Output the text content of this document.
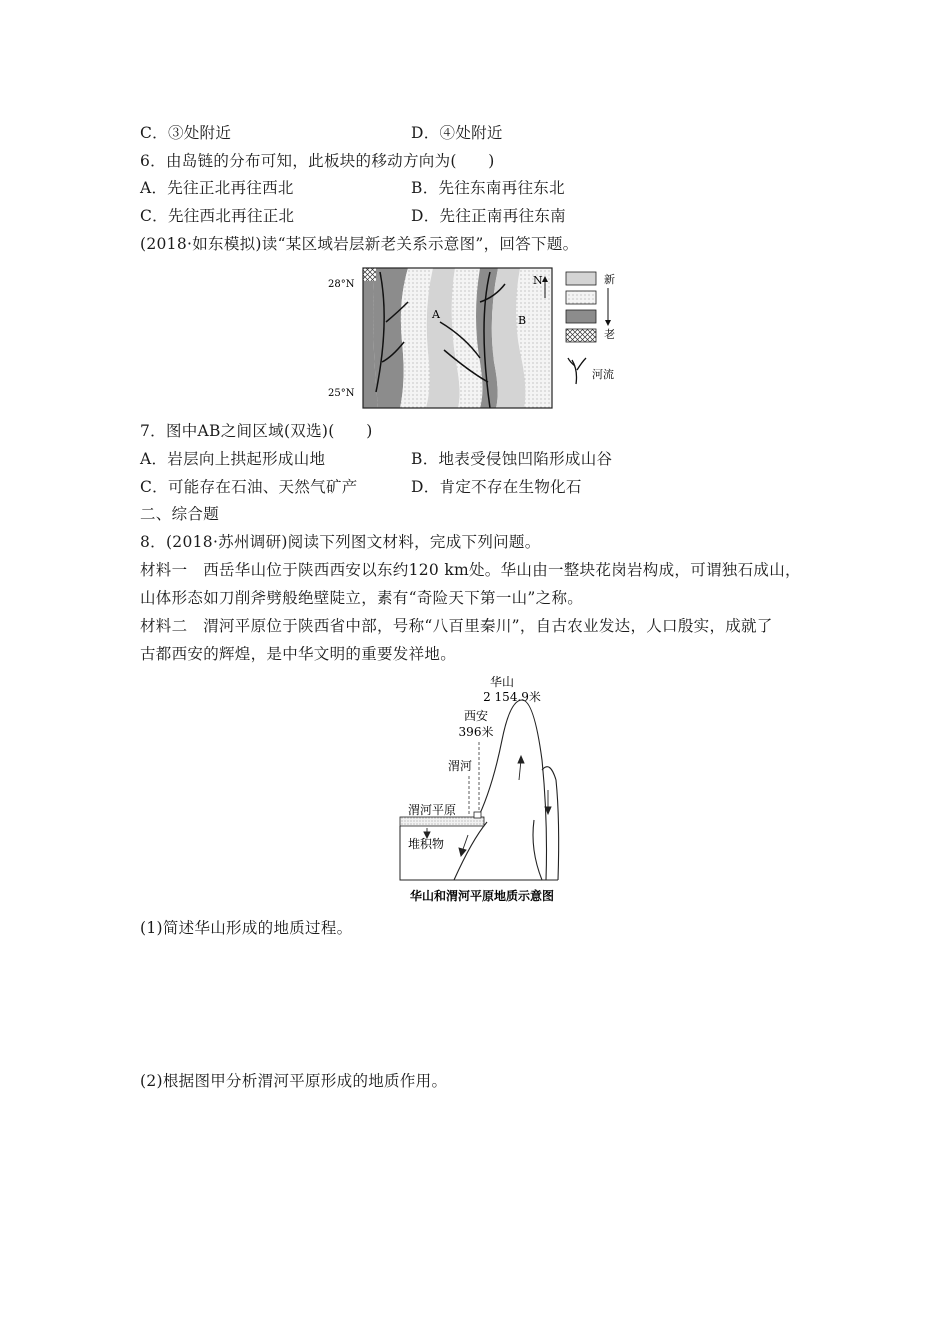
C．③处附近	D．④处附近
6．由岛链的分布可知，此板块的移动方向为(　　)
A．先往正北再往西北	B．先往东南再往东北
C．先往西北再往正北	D．先往正南再往东南
(2018·如东模拟)读“某区域岩层新老关系示意图”，回答下题。
28°N
25°N
A	B
N	新
老
河流
7．图中AB之间区域(双选)(　　)
A．岩层向上拱起形成山地	B．地表受侵蚀凹陷形成山谷
C．可能存在石油、天然气矿产	D．肯定不存在生物化石
二、综合题
8．(2018·苏州调研)阅读下列图文材料，完成下列问题。
材料一　西岳华山位于陕西西安以东约120 km处。华山由一整块花岗岩构成，可谓独石成山，
山体形态如刀削斧劈般绝壁陡立，素有“奇险天下第一山”之称。
材料二　渭河平原位于陕西省中部，号称“八百里秦川”，自古农业发达，人口殷实，成就了
古都西安的辉煌，是中华文明的重要发祥地。
华山
2 154.9米
西安
396米
渭河
渭河平原
堆积物
华山和渭河平原地质示意图
(1)简述华山形成的地质过程。
(2)根据图甲分析渭河平原形成的地质作用。
